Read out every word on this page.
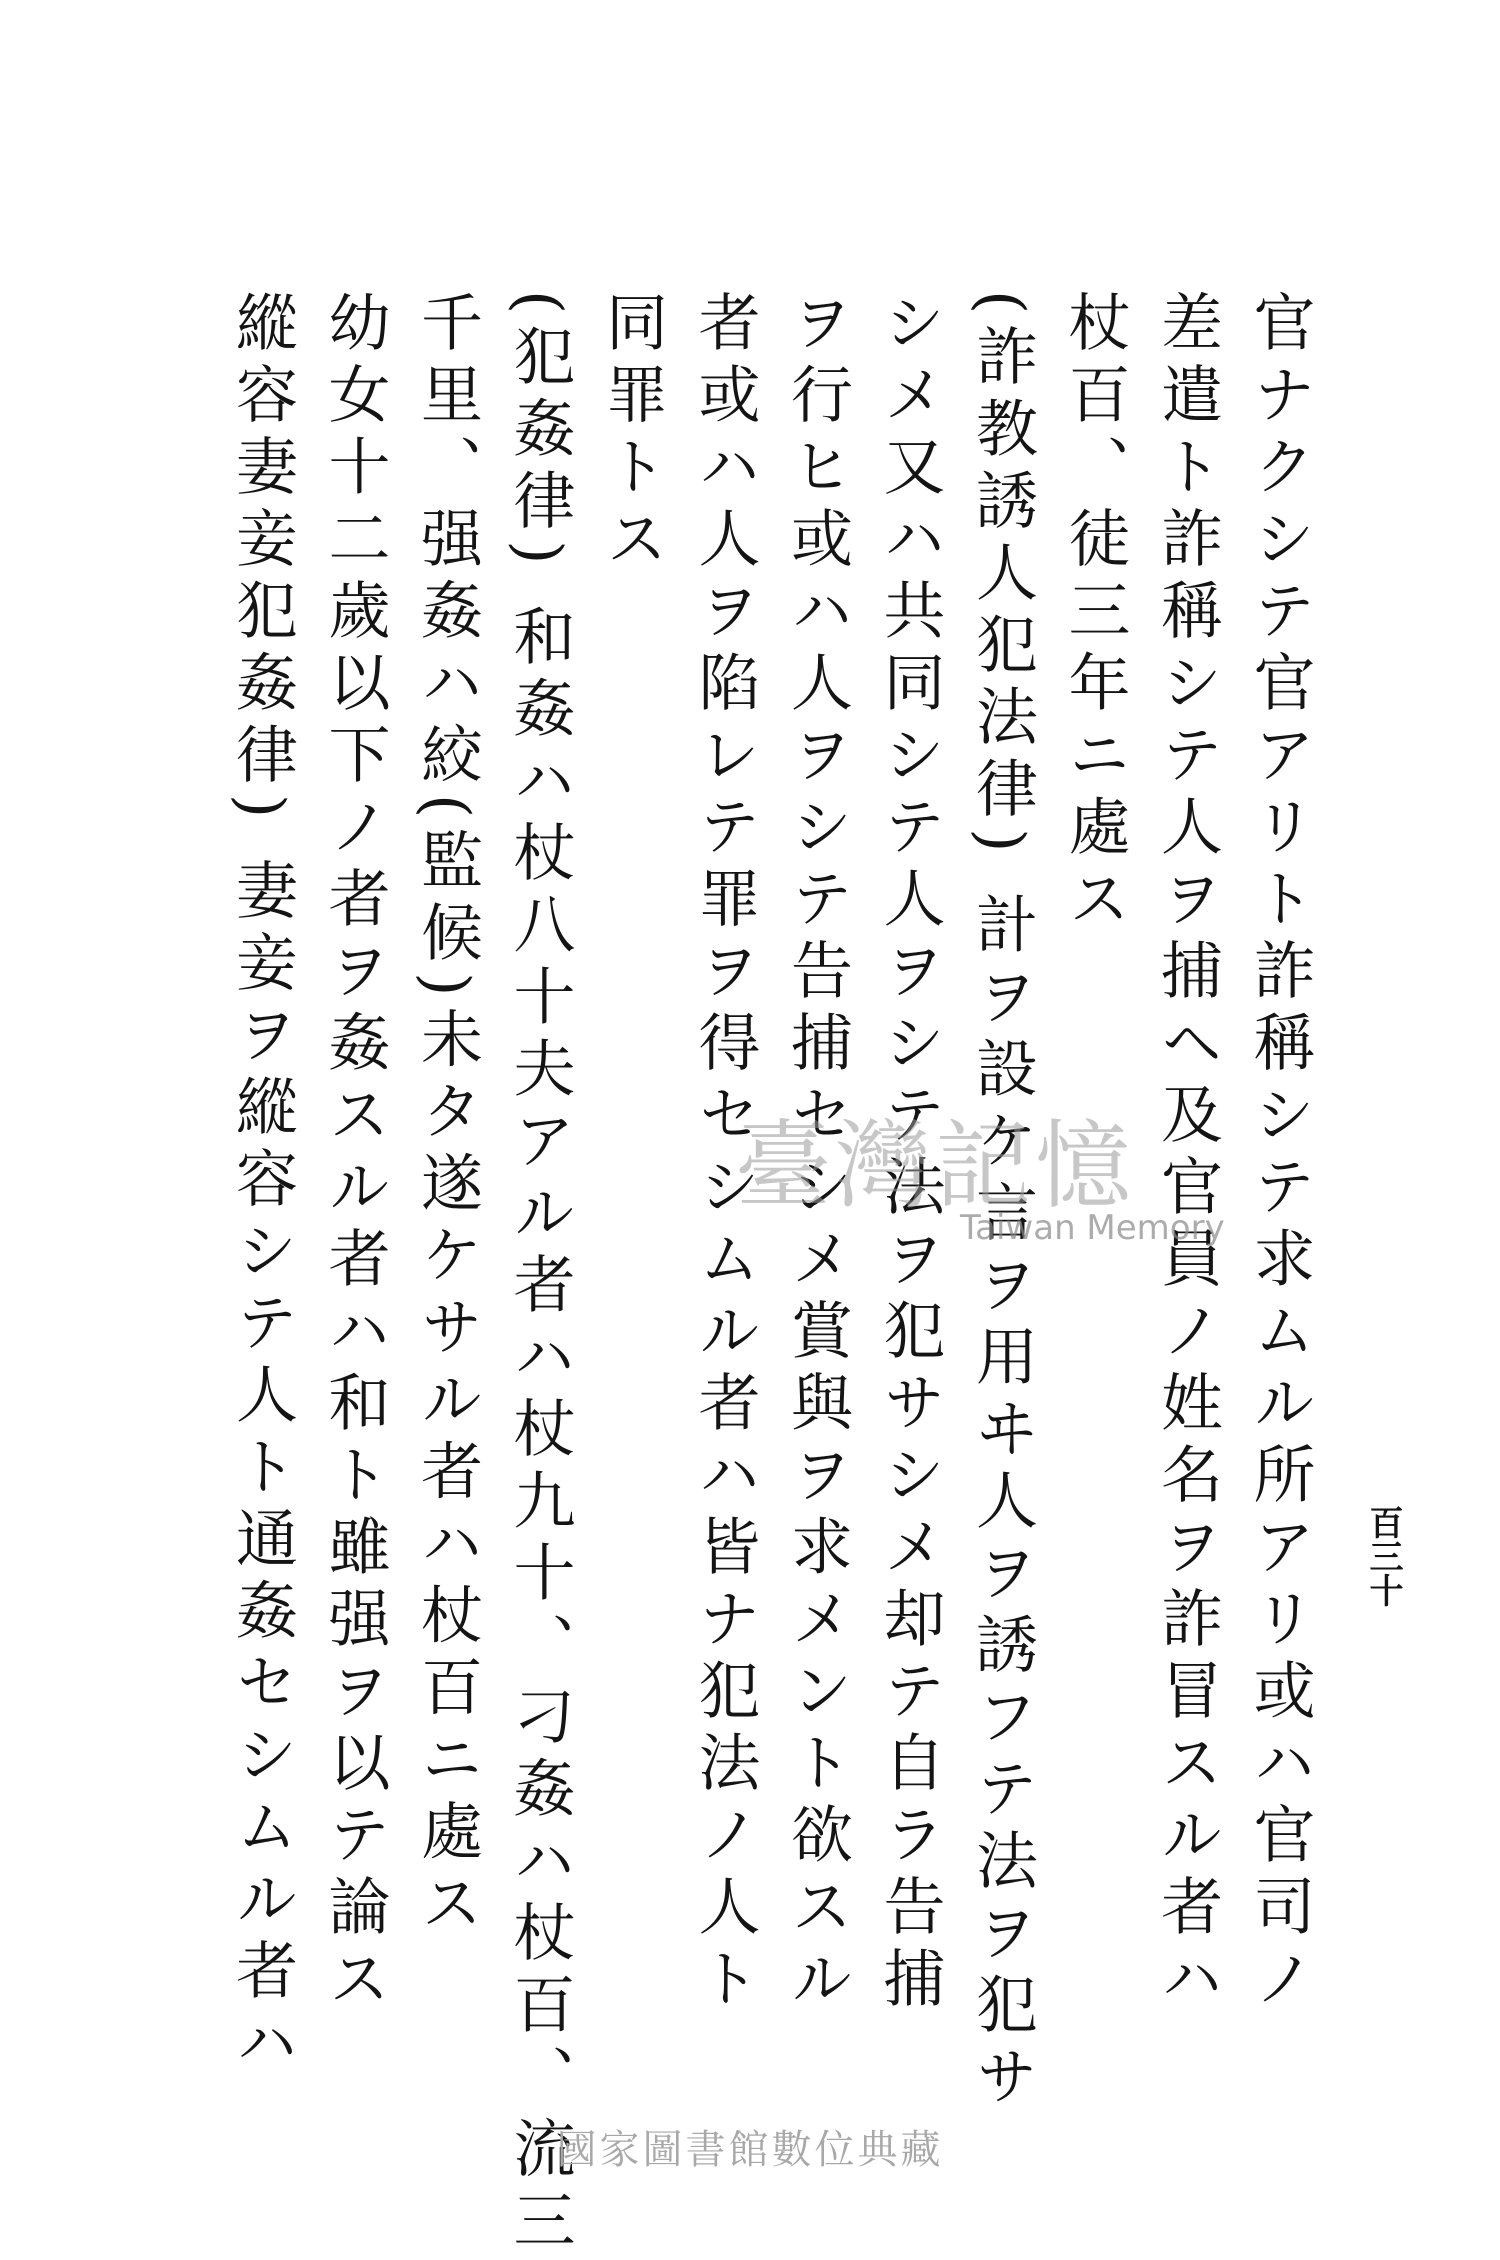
百三十
官ナクシテ官アリト詐稱シテ求ムル所アリ或ハ官司ノ
差遣ト詐稱シテ人ヲ捕ヘ及官員ノ姓名ヲ詐冒スル者ハ
杖百、徒三年ニ處ス
(詐教誘人犯法律) 計ヲ設ケ言ヲ用ヰ人ヲ誘フテ法ヲ犯サ
シメ又ハ共同シテ人ヲシテ法ヲ犯サシメ却テ自ラ告捕
ヲ行ヒ或ハ人ヲシテ告捕セシメ賞與ヲ求メント欲スル
者或ハ人ヲ陷レテ罪ヲ得セシムル者ハ皆ナ犯法ノ人ト
同罪トス
(犯姦律) 和姦ハ杖八十夫アル者ハ杖九十、刁姦ハ杖百、流三
千里、强姦ハ絞(監候)未タ遂ケサル者ハ杖百ニ處ス
幼女十二歲以下ノ者ヲ姦スル者ハ和ト雖强ヲ以テ論ス
縱容妻妾犯姦律) 妻妾ヲ縱容シテ人ト通姦セシムル者ハ	臺灣記憶
Taiwan Memory
國家圖書館數位典藏
